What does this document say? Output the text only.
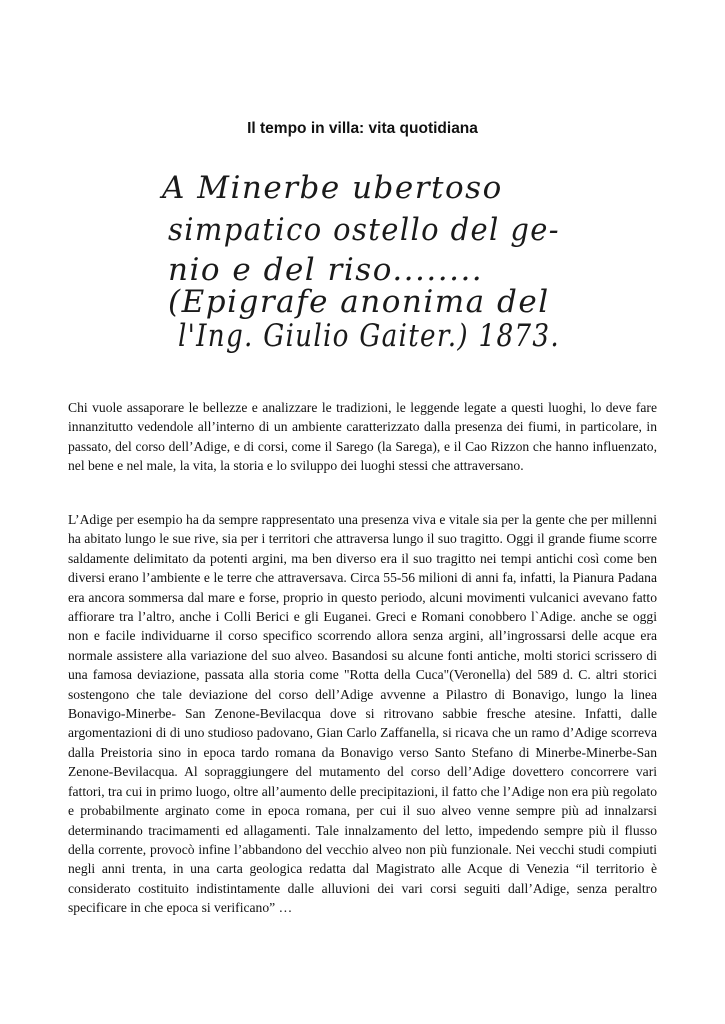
Il tempo in villa: vita quotidiana
A Minerbe ubertoso
simpatico ostello del ge-
nio e del riso........
(Epigrafe anonima del
l'Ing. Giulio Gaiter.) 1873.

Chi vuole assaporare le bellezze e analizzare le tradizioni, le leggende legate a questi luoghi, lo deve fare innanzitutto vedendole all’interno di un ambiente caratterizzato dalla presenza dei fiumi, in particolare, in passato, del corso dell’Adige, e di corsi, come il Sarego (la Sarega), e il Cao Rizzon che hanno influenzato, nel bene e nel male, la vita, la storia e lo sviluppo dei luoghi stessi che attraversano.

L’Adige per esempio ha da sempre rappresentato una presenza viva e vitale sia per la gente che per millenni ha abitato lungo le sue rive, sia per i territori che attraversa lungo il suo tragitto. Oggi il grande fiume scorre saldamente delimitato da potenti argini, ma ben diverso era il suo tragitto nei tempi antichi così come ben diversi erano l’ambiente e le terre che attraversava. Circa 55-56 milioni di anni fa, infatti, la Pianura Padana era ancora sommersa dal mare e forse, proprio in questo periodo, alcuni movimenti vulcanici avevano fatto affiorare tra l’altro, anche i Colli Berici e gli Euganei. Greci e Romani conobbero l`Adige. anche se oggi non e facile individuarne il corso specifico scorrendo allora senza argini, all’ingrossarsi delle acque era normale assistere alla variazione del suo alveo. Basandosi su alcune fonti antiche, molti storici scrissero di una famosa deviazione, passata alla storia come "Rotta della Cuca"(Veronella) del 589 d. C. altri storici sostengono che tale deviazione del corso dell’Adige avvenne a Pilastro di Bonavigo, lungo la linea Bonavigo-Minerbe- San Zenone-Bevilacqua dove si ritrovano sabbie fresche atesine. Infatti, dalle argomentazioni di di uno studioso padovano, Gian Carlo Zaffanella, si ricava che un ramo d’Adige scorreva dalla Preistoria sino in epoca tardo romana da Bonavigo verso Santo Stefano di Minerbe-Minerbe-San Zenone-Bevilacqua. Al sopraggiungere del mutamento del corso dell’Adige dovettero concorrere vari fattori, tra cui in primo luogo, oltre all’aumento delle precipitazioni, il fatto che l’Adige non era più regolato e probabilmente arginato come in epoca romana, per cui il suo alveo venne sempre più ad innalzarsi determinando tracimamenti ed allagamenti. Tale innalzamento del letto, impedendo sempre più il flusso della corrente, provocò infine l’abbandono del vecchio alveo non più funzionale. Nei vecchi studi compiuti negli anni trenta, in una carta geologica redatta dal Magistrato alle Acque di Venezia “il territorio è considerato costituito indistintamente dalle alluvioni dei vari corsi seguiti dall’Adige, senza peraltro specificare in che epoca si verificano” …
